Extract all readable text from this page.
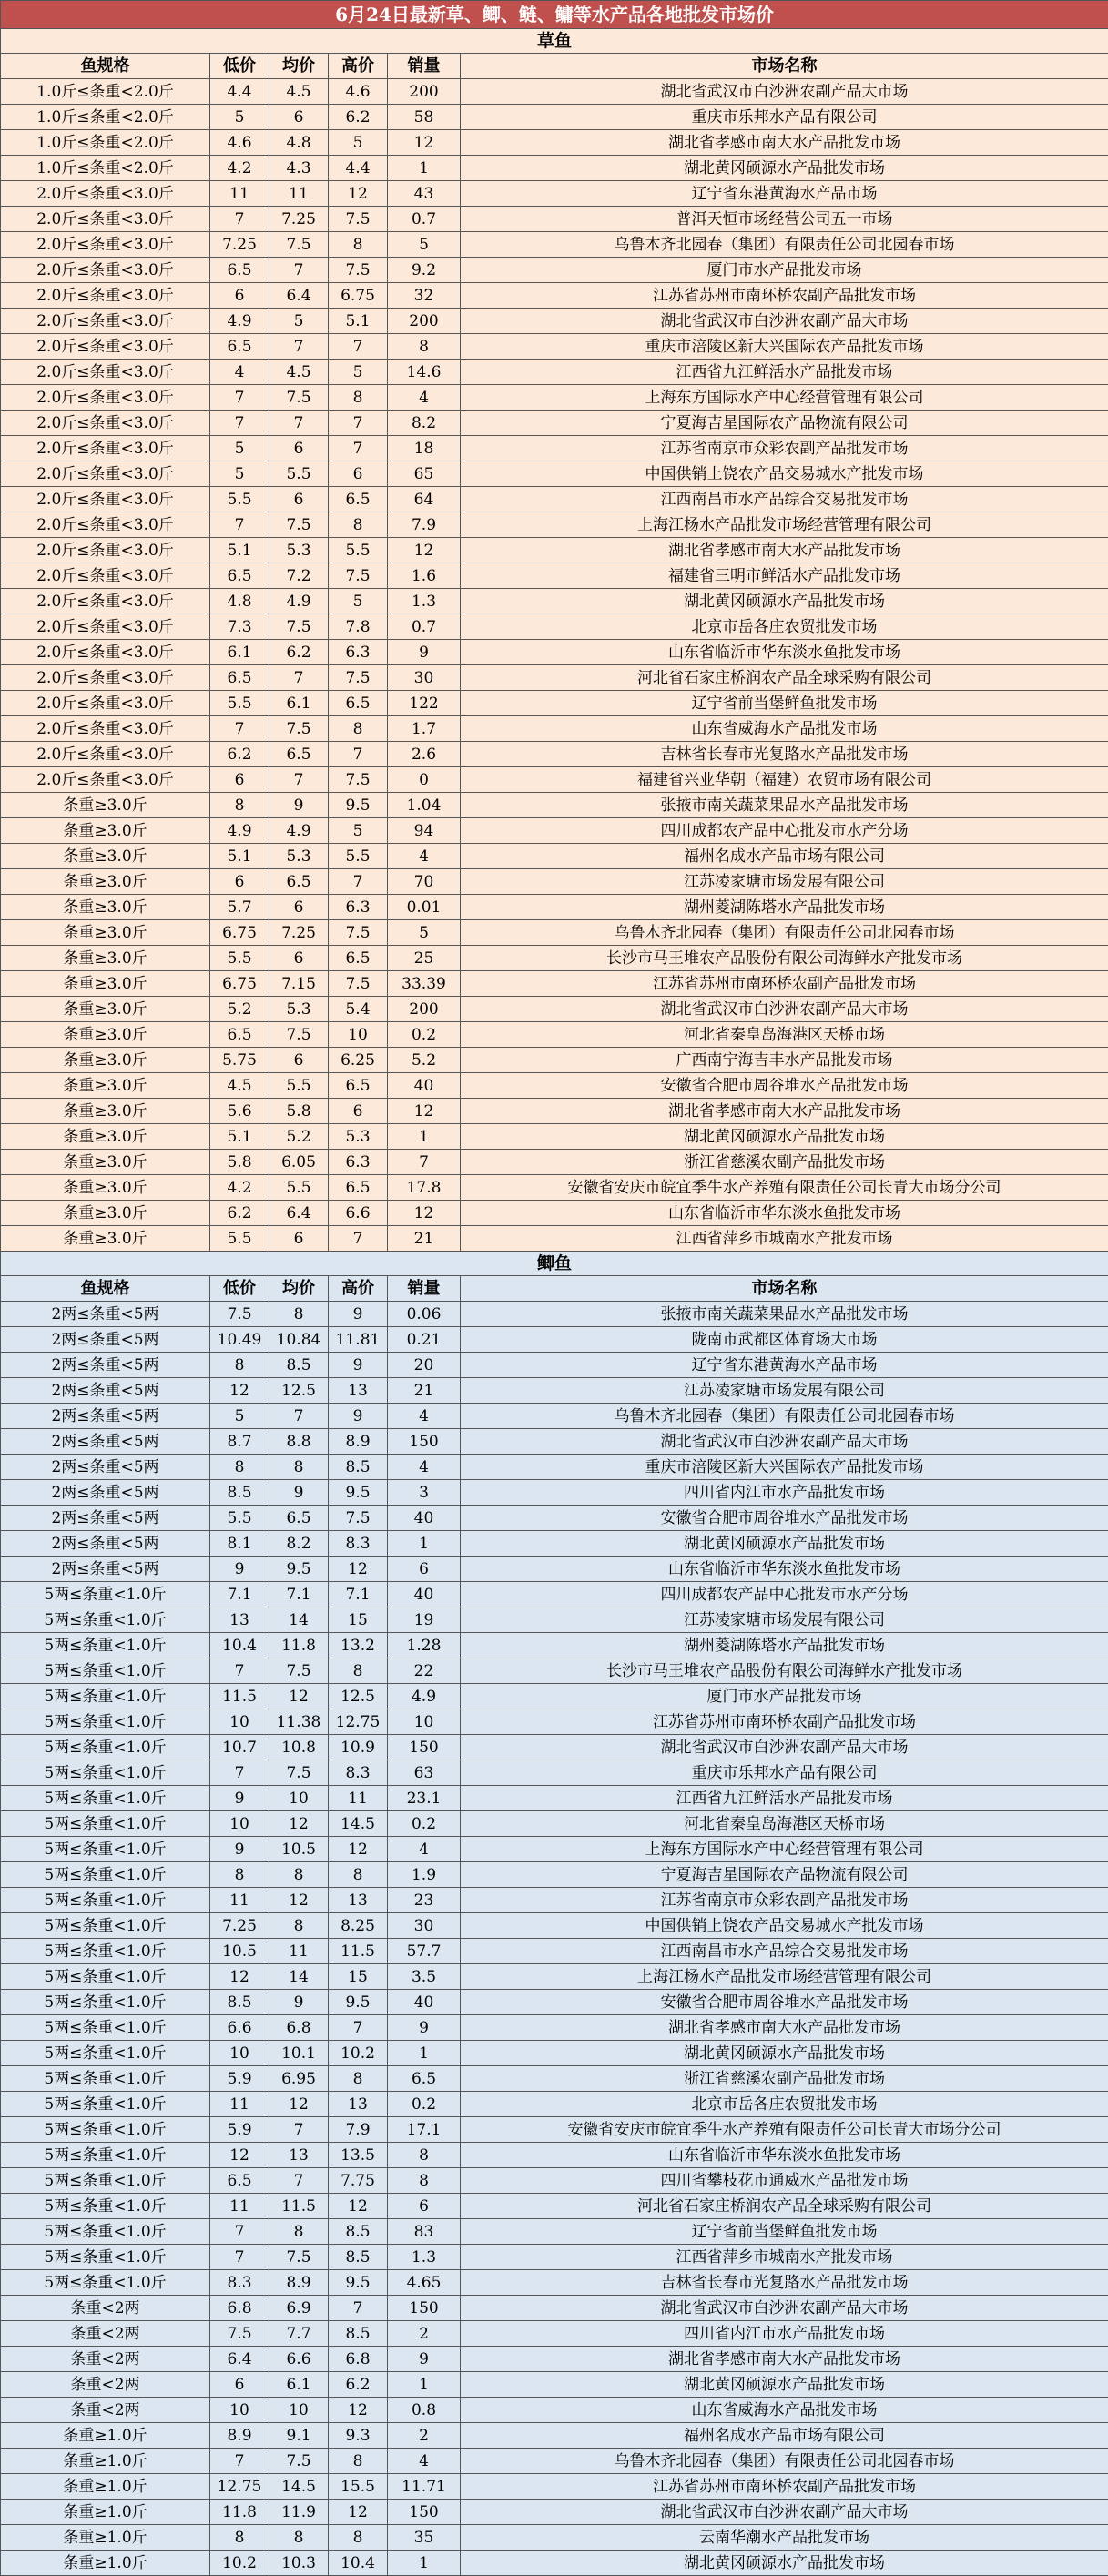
6月24日最新草、鲫、鲢、鳙等水产品各地批发市场价					
草鱼					
鱼规格	低价	均价	高价	销量	市场名称
1.0斤≤条重<2.0斤	4.4	4.5	4.6	200	湖北省武汉市白沙洲农副产品大市场
1.0斤≤条重<2.0斤	5	6	6.2	58	重庆市乐邦水产品有限公司
1.0斤≤条重<2.0斤	4.6	4.8	5	12	湖北省孝感市南大水产品批发市场
1.0斤≤条重<2.0斤	4.2	4.3	4.4	1	湖北黄冈硕源水产品批发市场
2.0斤≤条重<3.0斤	11	11	12	43	辽宁省东港黄海水产品市场
2.0斤≤条重<3.0斤	7	7.25	7.5	0.7	普洱天恒市场经营公司五一市场
2.0斤≤条重<3.0斤	7.25	7.5	8	5	乌鲁木齐北园春（集团）有限责任公司北园春市场
2.0斤≤条重<3.0斤	6.5	7	7.5	9.2	厦门市水产品批发市场
2.0斤≤条重<3.0斤	6	6.4	6.75	32	江苏省苏州市南环桥农副产品批发市场
2.0斤≤条重<3.0斤	4.9	5	5.1	200	湖北省武汉市白沙洲农副产品大市场
2.0斤≤条重<3.0斤	6.5	7	7	8	重庆市涪陵区新大兴国际农产品批发市场
2.0斤≤条重<3.0斤	4	4.5	5	14.6	江西省九江鲜活水产品批发市场
2.0斤≤条重<3.0斤	7	7.5	8	4	上海东方国际水产中心经营管理有限公司
2.0斤≤条重<3.0斤	7	7	7	8.2	宁夏海吉星国际农产品物流有限公司
2.0斤≤条重<3.0斤	5	6	7	18	江苏省南京市众彩农副产品批发市场
2.0斤≤条重<3.0斤	5	5.5	6	65	中国供销上饶农产品交易城水产批发市场
2.0斤≤条重<3.0斤	5.5	6	6.5	64	江西南昌市水产品综合交易批发市场
2.0斤≤条重<3.0斤	7	7.5	8	7.9	上海江杨水产品批发市场经营管理有限公司
2.0斤≤条重<3.0斤	5.1	5.3	5.5	12	湖北省孝感市南大水产品批发市场
2.0斤≤条重<3.0斤	6.5	7.2	7.5	1.6	福建省三明市鲜活水产品批发市场
2.0斤≤条重<3.0斤	4.8	4.9	5	1.3	湖北黄冈硕源水产品批发市场
2.0斤≤条重<3.0斤	7.3	7.5	7.8	0.7	北京市岳各庄农贸批发市场
2.0斤≤条重<3.0斤	6.1	6.2	6.3	9	山东省临沂市华东淡水鱼批发市场
2.0斤≤条重<3.0斤	6.5	7	7.5	30	河北省石家庄桥润农产品全球采购有限公司
2.0斤≤条重<3.0斤	5.5	6.1	6.5	122	辽宁省前当堡鲜鱼批发市场
2.0斤≤条重<3.0斤	7	7.5	8	1.7	山东省威海水产品批发市场
2.0斤≤条重<3.0斤	6.2	6.5	7	2.6	吉林省长春市光复路水产品批发市场
2.0斤≤条重<3.0斤	6	7	7.5	0	福建省兴业华朝（福建）农贸市场有限公司
条重≥3.0斤	8	9	9.5	1.04	张掖市南关蔬菜果品水产品批发市场
条重≥3.0斤	4.9	4.9	5	94	四川成都农产品中心批发市水产分场
条重≥3.0斤	5.1	5.3	5.5	4	福州名成水产品市场有限公司
条重≥3.0斤	6	6.5	7	70	江苏凌家塘市场发展有限公司
条重≥3.0斤	5.7	6	6.3	0.01	湖州菱湖陈塔水产品批发市场
条重≥3.0斤	6.75	7.25	7.5	5	乌鲁木齐北园春（集团）有限责任公司北园春市场
条重≥3.0斤	5.5	6	6.5	25	长沙市马王堆农产品股份有限公司海鲜水产批发市场
条重≥3.0斤	6.75	7.15	7.5	33.39	江苏省苏州市南环桥农副产品批发市场
条重≥3.0斤	5.2	5.3	5.4	200	湖北省武汉市白沙洲农副产品大市场
条重≥3.0斤	6.5	7.5	10	0.2	河北省秦皇岛海港区天桥市场
条重≥3.0斤	5.75	6	6.25	5.2	广西南宁海吉丰水产品批发市场
条重≥3.0斤	4.5	5.5	6.5	40	安徽省合肥市周谷堆水产品批发市场
条重≥3.0斤	5.6	5.8	6	12	湖北省孝感市南大水产品批发市场
条重≥3.0斤	5.1	5.2	5.3	1	湖北黄冈硕源水产品批发市场
条重≥3.0斤	5.8	6.05	6.3	7	浙江省慈溪农副产品批发市场
条重≥3.0斤	4.2	5.5	6.5	17.8	安徽省安庆市皖宜季牛水产养殖有限责任公司长青大市场分公司
条重≥3.0斤	6.2	6.4	6.6	12	山东省临沂市华东淡水鱼批发市场
条重≥3.0斤	5.5	6	7	21	江西省萍乡市城南水产批发市场
鲫鱼					
鱼规格	低价	均价	高价	销量	市场名称
2两≤条重<5两	7.5	8	9	0.06	张掖市南关蔬菜果品水产品批发市场
2两≤条重<5两	10.49	10.84	11.81	0.21	陇南市武都区体育场大市场
2两≤条重<5两	8	8.5	9	20	辽宁省东港黄海水产品市场
2两≤条重<5两	12	12.5	13	21	江苏凌家塘市场发展有限公司
2两≤条重<5两	5	7	9	4	乌鲁木齐北园春（集团）有限责任公司北园春市场
2两≤条重<5两	8.7	8.8	8.9	150	湖北省武汉市白沙洲农副产品大市场
2两≤条重<5两	8	8	8.5	4	重庆市涪陵区新大兴国际农产品批发市场
2两≤条重<5两	8.5	9	9.5	3	四川省内江市水产品批发市场
2两≤条重<5两	5.5	6.5	7.5	40	安徽省合肥市周谷堆水产品批发市场
2两≤条重<5两	8.1	8.2	8.3	1	湖北黄冈硕源水产品批发市场
2两≤条重<5两	9	9.5	12	6	山东省临沂市华东淡水鱼批发市场
5两≤条重<1.0斤	7.1	7.1	7.1	40	四川成都农产品中心批发市水产分场
5两≤条重<1.0斤	13	14	15	19	江苏凌家塘市场发展有限公司
5两≤条重<1.0斤	10.4	11.8	13.2	1.28	湖州菱湖陈塔水产品批发市场
5两≤条重<1.0斤	7	7.5	8	22	长沙市马王堆农产品股份有限公司海鲜水产批发市场
5两≤条重<1.0斤	11.5	12	12.5	4.9	厦门市水产品批发市场
5两≤条重<1.0斤	10	11.38	12.75	10	江苏省苏州市南环桥农副产品批发市场
5两≤条重<1.0斤	10.7	10.8	10.9	150	湖北省武汉市白沙洲农副产品大市场
5两≤条重<1.0斤	7	7.5	8.3	63	重庆市乐邦水产品有限公司
5两≤条重<1.0斤	9	10	11	23.1	江西省九江鲜活水产品批发市场
5两≤条重<1.0斤	10	12	14.5	0.2	河北省秦皇岛海港区天桥市场
5两≤条重<1.0斤	9	10.5	12	4	上海东方国际水产中心经营管理有限公司
5两≤条重<1.0斤	8	8	8	1.9	宁夏海吉星国际农产品物流有限公司
5两≤条重<1.0斤	11	12	13	23	江苏省南京市众彩农副产品批发市场
5两≤条重<1.0斤	7.25	8	8.25	30	中国供销上饶农产品交易城水产批发市场
5两≤条重<1.0斤	10.5	11	11.5	57.7	江西南昌市水产品综合交易批发市场
5两≤条重<1.0斤	12	14	15	3.5	上海江杨水产品批发市场经营管理有限公司
5两≤条重<1.0斤	8.5	9	9.5	40	安徽省合肥市周谷堆水产品批发市场
5两≤条重<1.0斤	6.6	6.8	7	9	湖北省孝感市南大水产品批发市场
5两≤条重<1.0斤	10	10.1	10.2	1	湖北黄冈硕源水产品批发市场
5两≤条重<1.0斤	5.9	6.95	8	6.5	浙江省慈溪农副产品批发市场
5两≤条重<1.0斤	11	12	13	0.2	北京市岳各庄农贸批发市场
5两≤条重<1.0斤	5.9	7	7.9	17.1	安徽省安庆市皖宜季牛水产养殖有限责任公司长青大市场分公司
5两≤条重<1.0斤	12	13	13.5	8	山东省临沂市华东淡水鱼批发市场
5两≤条重<1.0斤	6.5	7	7.75	8	四川省攀枝花市通威水产品批发市场
5两≤条重<1.0斤	11	11.5	12	6	河北省石家庄桥润农产品全球采购有限公司
5两≤条重<1.0斤	7	8	8.5	83	辽宁省前当堡鲜鱼批发市场
5两≤条重<1.0斤	7	7.5	8.5	1.3	江西省萍乡市城南水产批发市场
5两≤条重<1.0斤	8.3	8.9	9.5	4.65	吉林省长春市光复路水产品批发市场
条重<2两	6.8	6.9	7	150	湖北省武汉市白沙洲农副产品大市场
条重<2两	7.5	7.7	8.5	2	四川省内江市水产品批发市场
条重<2两	6.4	6.6	6.8	9	湖北省孝感市南大水产品批发市场
条重<2两	6	6.1	6.2	1	湖北黄冈硕源水产品批发市场
条重<2两	10	10	12	0.8	山东省威海水产品批发市场
条重≥1.0斤	8.9	9.1	9.3	2	福州名成水产品市场有限公司
条重≥1.0斤	7	7.5	8	4	乌鲁木齐北园春（集团）有限责任公司北园春市场
条重≥1.0斤	12.75	14.5	15.5	11.71	江苏省苏州市南环桥农副产品批发市场
条重≥1.0斤	11.8	11.9	12	150	湖北省武汉市白沙洲农副产品大市场
条重≥1.0斤	8	8	8	35	云南华潮水产品批发市场
条重≥1.0斤	10.2	10.3	10.4	1	湖北黄冈硕源水产品批发市场
